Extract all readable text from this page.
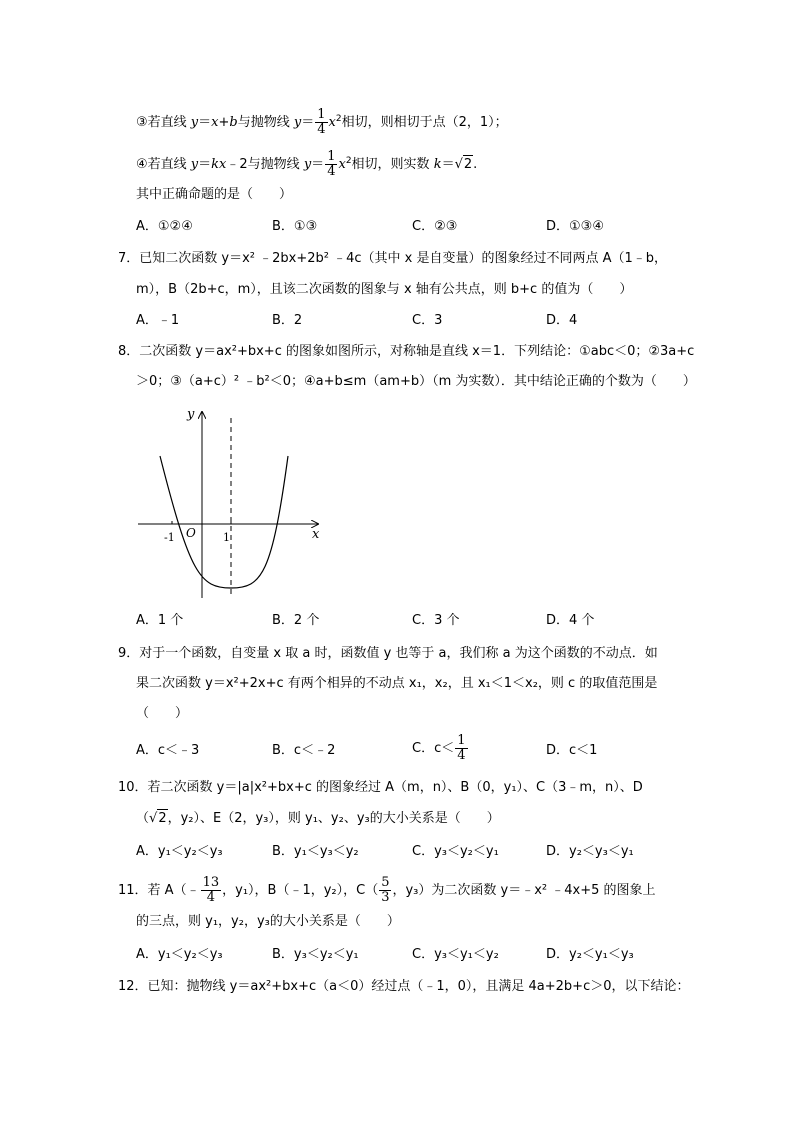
③若直线 y＝x+b与抛物线 $y= \frac{1}{4} x^2$相切，则相切于点（2，1）；
④若直线 y＝kx﹣2与抛物线 $y= \frac{1}{4} x^2$相切，则实数 k＝√2.
其中正确命题的是（　　）
A．①②④	B．①③	C．②③	D．①③④
7．已知二次函数 y＝x² ﹣2bx+2b² ﹣4c（其中 x 是自变量）的图象经过不同两点 A（1﹣b，
m），B（2b+c，m），且该二次函数的图象与 x 轴有公共点，则 b+c 的值为（　　）
A．﹣1	B．2	C．3	D．4
8．二次函数 y＝ax²+bx+c 的图象如图所示，对称轴是直线 x＝1．下列结论：①abc＜0；②3a+c
＞0；③（a+c）² ﹣b²＜0；④a+b≤m（am+b）（m 为实数）．其中结论正确的个数为（　　）
y
x
O
-1	1
A．1 个	B．2 个	C．3 个	D．4 个
9．对于一个函数，自变量 x 取 a 时，函数值 y 也等于 a，我们称 a 为这个函数的不动点．如
果二次函数 y＝x²+2x+c 有两个相异的不动点 x₁，x₂，且 x₁＜1＜x₂，则 c 的取值范围是
（　　）
A．c＜﹣3	B．c＜﹣2	C．$c< \frac{1}{4}$	D．c＜1
10．若二次函数 y＝|a|x²+bx+c 的图象经过 A（m，n）、B（0，y₁）、C（3﹣m，n）、D
（√2，y₂）、E（2，y₃），则 y₁、y₂、y₃的大小关系是（　　）
A．y₁＜y₂＜y₃	B．y₁＜y₃＜y₂	C．y₃＜y₂＜y₁	D．y₂＜y₃＜y₁
11．若 A（﹣ $\frac{13}{4}$ ，y₁），B（﹣1，y₂），$C( \frac{5}{3}$ ，y₃）为二次函数 y＝﹣x² ﹣4x+5 的图象上
的三点，则 y₁，y₂，y₃的大小关系是（　　）
A．y₁＜y₂＜y₃	B．y₃＜y₂＜y₁	C．y₃＜y₁＜y₂	D．y₂＜y₁＜y₃
12．已知：抛物线 y＝ax²+bx+c（a＜0）经过点（﹣1，0），且满足 4a+2b+c＞0，以下结论：
